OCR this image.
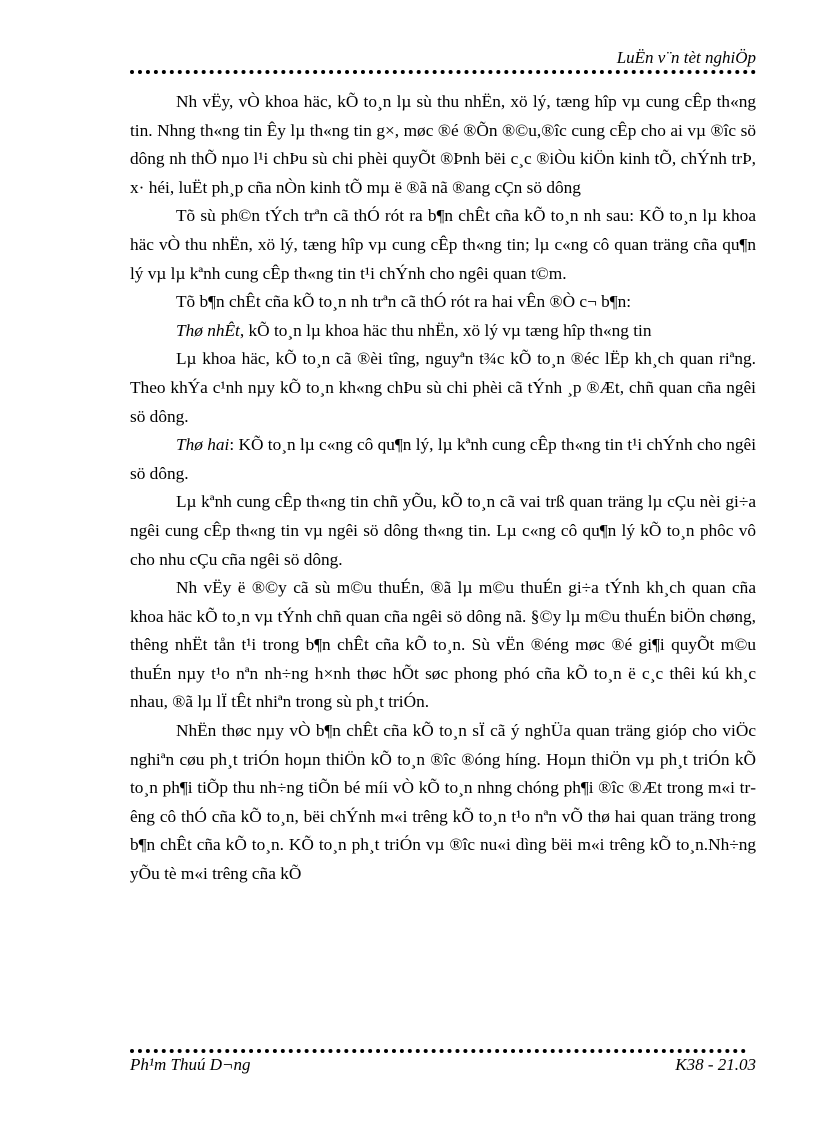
LuËn v¨n tèt nghiÖp

Nh vËy, vÒ khoa häc, kÕ to¸n lµ sù thu nhËn, xö lý, tæng hîp vµ cung cÊp th«ng tin. Nhng th«ng tin Êy lµ th«ng tin g×, møc ®é ®Õn ®©u,®îc cung cÊp cho ai vµ ®îc sö dông nh thÕ nµo l¹i chÞu sù chi phèi quyÕt ®Þnh bëi c¸c ®iÒu kiÖn kinh tÕ, chÝnh trÞ, x· héi, luËt ph¸p cña nÒn kinh tÕ mµ ë ®ã nã ®ang cÇn sö dông

Tõ sù ph©n tÝch trªn cã thÓ rót ra b¶n chÊt cña kÕ to¸n nh sau: KÕ to¸n lµ khoa häc vÒ thu nhËn, xö lý, tæng hîp vµ cung cÊp th«ng tin; lµ c«ng cô quan träng cña qu¶n lý vµ lµ kªnh cung cÊp th«ng tin t¹i chÝnh cho ngêi quan t©m.

Tõ b¶n chÊt cña kÕ to¸n nh trªn cã thÓ rót ra hai vÊn ®Ò c¬ b¶n:

Thø nhÊt, kÕ to¸n lµ khoa häc thu nhËn, xö lý vµ tæng hîp th«ng tin

Lµ khoa häc, kÕ to¸n cã ®èi tîng, nguyªn t¾c kÕ to¸n ®éc lËp kh¸ch quan riªng. Theo khÝa c¹nh nµy kÕ to¸n kh«ng chÞu sù chi phèi cã tÝnh ¸p ®Æt, chñ quan cña ngêi sö dông.

Thø hai: KÕ to¸n lµ c«ng cô qu¶n lý, lµ kªnh cung cÊp th«ng tin t¹i chÝnh cho ngêi sö dông.

Lµ kªnh cung cÊp th«ng tin chñ yÕu, kÕ to¸n cã vai trß quan träng lµ cÇu nèi gi÷a ngêi cung cÊp th«ng tin vµ ngêi sö dông th«ng tin. Lµ c«ng cô qu¶n lý kÕ to¸n phôc vô cho nhu cÇu cña ngêi sö dông.

Nh vËy ë ®©y cã sù m©u thuÉn, ®ã lµ m©u thuÉn gi÷a tÝnh kh¸ch quan cña khoa häc kÕ to¸n vµ tÝnh chñ quan cña ngêi sö dông nã. §©y lµ m©u thuÉn biÖn chøng, thêng nhËt tån t¹i trong b¶n chÊt cña kÕ to¸n. Sù vËn ®éng møc ®é gi¶i quyÕt m©u thuÉn nµy t¹o nªn nh÷ng h×nh thøc hÕt søc phong phó cña kÕ to¸n ë c¸c thêi kú kh¸c nhau, ®ã lµ lÏ tÊt nhiªn trong sù ph¸t triÓn.

NhËn thøc nµy vÒ b¶n chÊt cña kÕ to¸n sÏ cã ý nghÜa quan träng gióp cho viÖc nghiªn cøu ph¸t triÓn hoµn thiÖn kÕ to¸n ®îc ®óng híng. Hoµn thiÖn vµ ph¸t triÓn kÕ to¸n ph¶i tiÕp thu nh÷ng tiÕn bé míi vÒ kÕ to¸n nhng chóng ph¶i ®îc ®Æt trong m«i trêng cô thÓ cña kÕ to¸n, bëi chÝnh m«i trêng kÕ to¸n t¹o nªn vÕ thø hai quan träng trong b¶n chÊt cña kÕ to¸n. KÕ to¸n ph¸t triÓn vµ ®îc nu«i dìng bëi m«i trêng kÕ to¸n.Nh÷ng yÕu tè m«i trêng cña kÕ

Ph¹m Thuú D¬ng	K38 - 21.03
